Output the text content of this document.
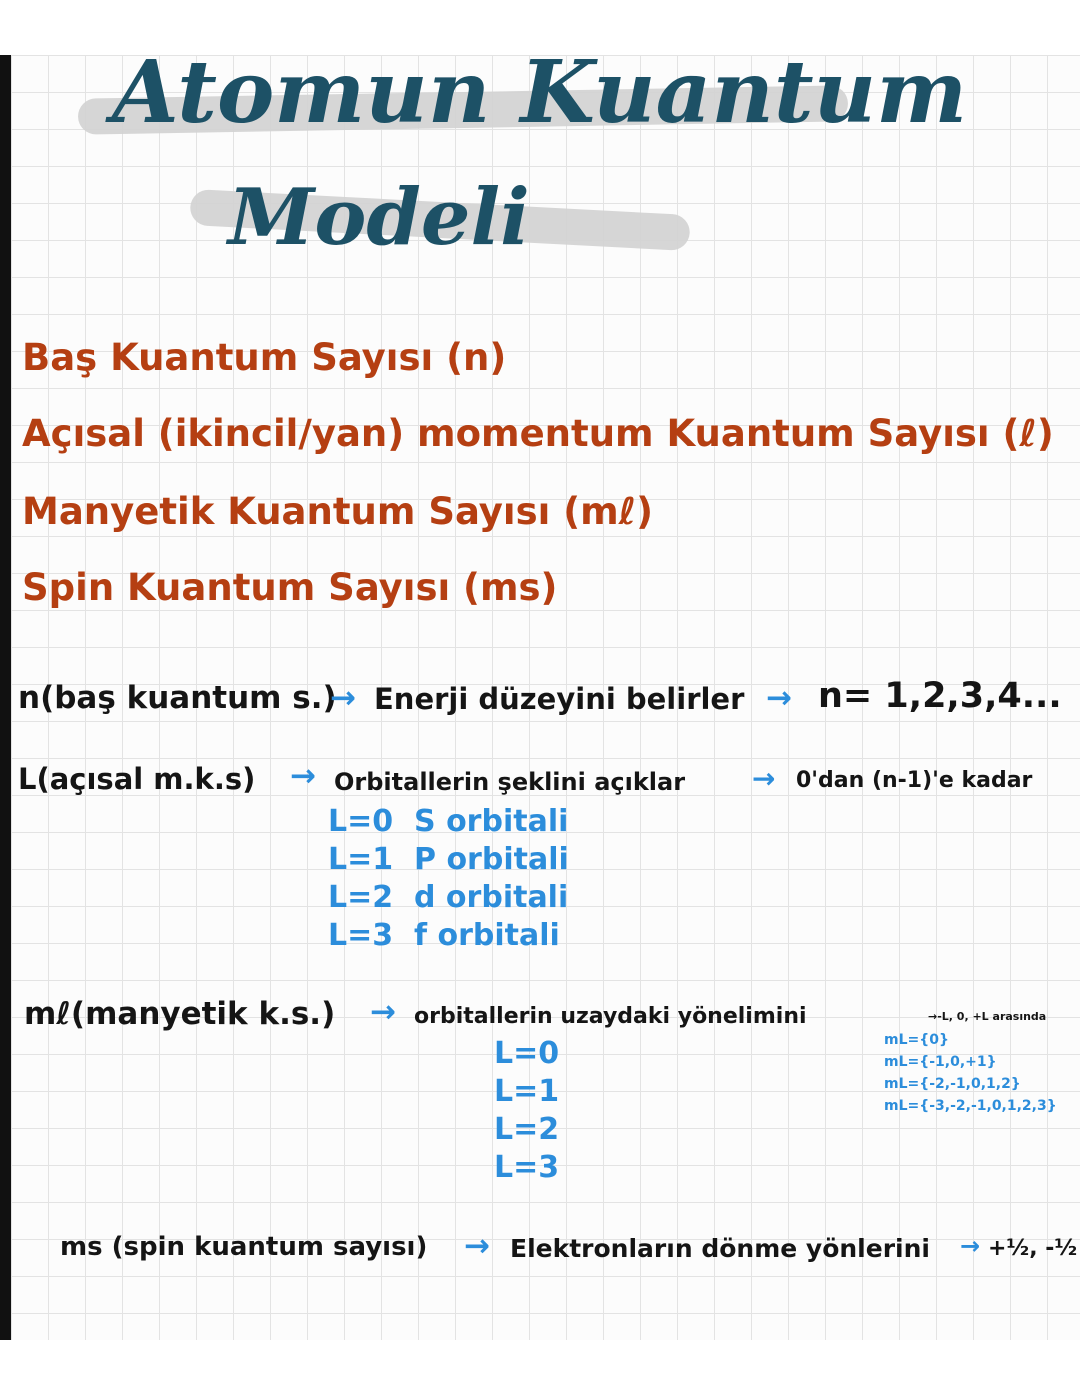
Atomun Kuantum
Modeli
Baş Kuantum Sayısı (n)
Açısal (ikincil/yan) momentum Kuantum Sayısı (ℓ)
Manyetik Kuantum Sayısı (mℓ)
Spin Kuantum Sayısı (ms)
n(baş kuantum s.)
→ Enerji düzeyini belirler → n= 1,2,3,4...
L(açısal m.k.s) → Orbitallerin şeklini açıklar → 0'dan (n-1)'e kadar
L=0  S orbitali
L=1  P orbitali
L=2  d orbitali
L=3  f orbitali
mℓ(manyetik k.s.) → orbitallerin uzaydaki yönelimini	→-L, 0, +L arasında
L=0
L=1
L=2
L=3
mL={0}
mL={-1,0,+1}
mL={-2,-1,0,1,2}
mL={-3,-2,-1,0,1,2,3}
ms (spin kuantum sayısı) → Elektronların dönme yönlerini → +½, -½
